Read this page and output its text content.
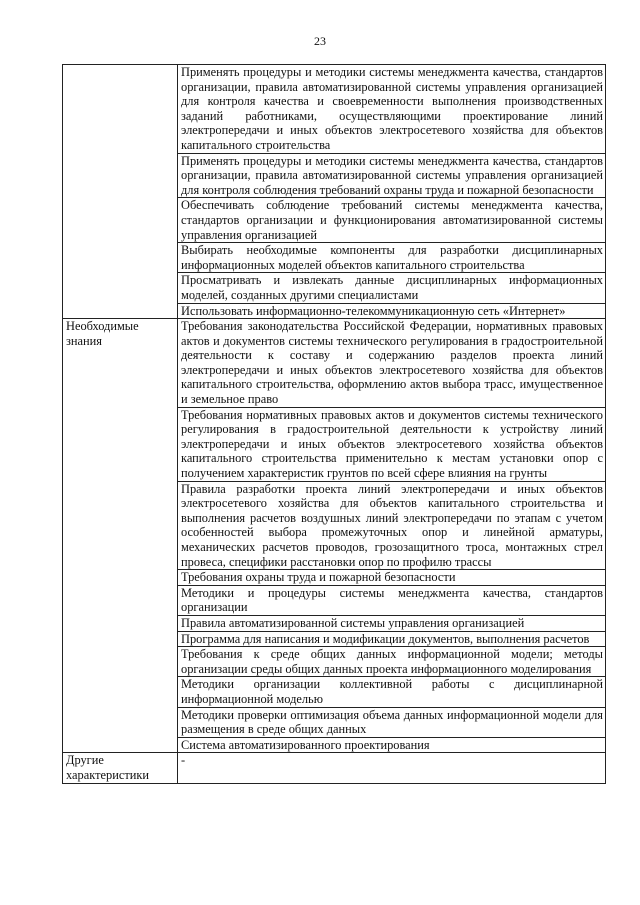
23
	Применять процедуры и методики системы менеджмента качества, стандартов организации, правила автоматизированной системы управления организацией для контроля качества и своевременности выполнения производственных заданий работниками, осуществляющими проектирование линий электропередачи и иных объектов электросетевого хозяйства для объектов капитального строительства
	Применять процедуры и методики системы менеджмента качества, стандартов организации, правила автоматизированной системы управления организацией для контроля соблюдения требований охраны труда и пожарной безопасности
	Обеспечивать соблюдение требований системы менеджмента качества, стандартов организации и функционирования автоматизированной системы управления организацией
	Выбирать необходимые компоненты для разработки дисциплинарных информационных моделей объектов капитального строительства
	Просматривать и извлекать данные дисциплинарных информационных моделей, созданных другими специалистами
	Использовать информационно-телекоммуникационную сеть «Интернет»
Необходимые знания	Требования законодательства Российской Федерации, нормативных правовых актов и документов системы технического регулирования в градостроительной деятельности к составу и содержанию разделов проекта линий электропередачи и иных объектов электросетевого хозяйства для объектов капитального строительства, оформлению актов выбора трасс, имущественное и земельное право
	Требования нормативных правовых актов и документов системы технического регулирования в градостроительной деятельности к устройству линий электропередачи и иных объектов электросетевого хозяйства объектов капитального строительства применительно к местам установки опор с получением характеристик грунтов по всей сфере влияния на грунты
	Правила разработки проекта линий электропередачи и иных объектов электросетевого хозяйства для объектов капитального строительства и выполнения расчетов воздушных линий электропередачи по этапам с учетом особенностей выбора промежуточных опор и линейной арматуры, механических расчетов проводов, грозозащитного троса, монтажных стрел провеса, специфики расстановки опор по профилю трассы
	Требования охраны труда и пожарной безопасности
	Методики и процедуры системы менеджмента качества, стандартов организации
	Правила автоматизированной системы управления организацией
	Программа для написания и модификации документов, выполнения расчетов
	Требования к среде общих данных информационной модели; методы организации среды общих данных проекта информационного моделирования
	Методики организации коллективной работы с дисциплинарной информационной моделью
	Методики проверки оптимизация объема данных информационной модели для размещения в среде общих данных
	Система автоматизированного проектирования
Другие характеристики	-
